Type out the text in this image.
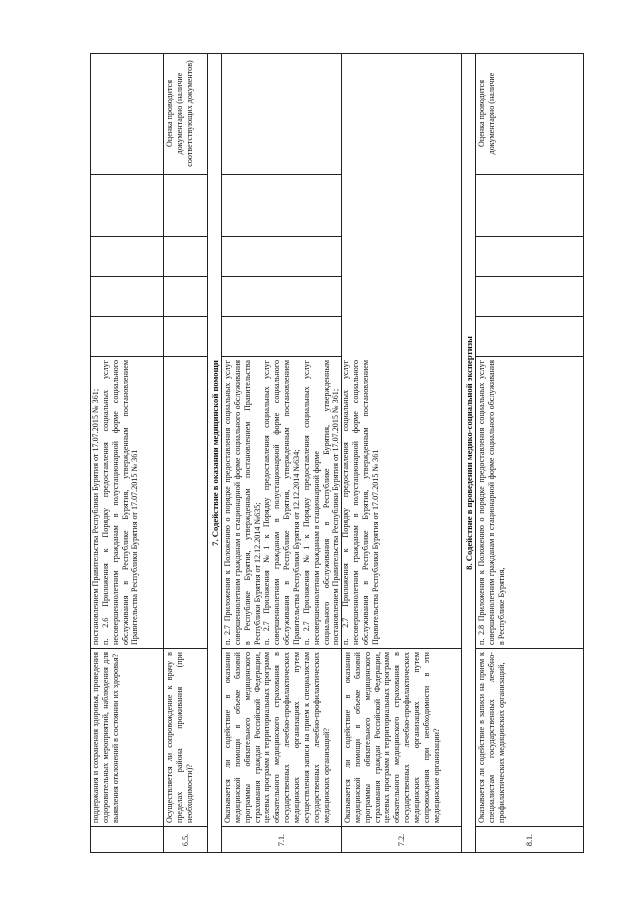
поддержания и сохранения здоровья, проведения оздоровительных мероприятий, наблюдения для выявления отклонений в состоянии их здоровья?
постановлением Правительства Республики Бурятия от 17.07.2015 № 361; п. 2.6 Приложения к Порядку предоставления социальных услуг несовершеннолетним гражданам в полустационарной форме социального обслуживания в Республике Бурятия, утвержденным постановлением Правительства Республики Бурятия от 17.07.2015 № 361
6.5.
Осуществляется ли сопровождение к врачу в пределах района проживания (при необходимости)?
Оценка проводится документарно (наличие соответствующих документов)
7. Содействие в оказании медицинской помощи
7.1.
Оказывается ли содействие в оказании медицинской помощи в объеме базовой программы обязательного медицинского страхования граждан Российской Федерации, целевых программ и территориальных программ обязательного медицинского страхования в государственных лечебно-профилактических медицинских организациях путем осуществления записи на прием к специалистам государственных лечебно-профилактических медицинских организаций?
7.2.
Оказывается ли содействие в оказании медицинской помощи в объеме базовой программы обязательного медицинского страхования граждан Российской Федерации, целевых программ и территориальных программ обязательного медицинского страхования в государственных лечебно-профилактических медицинских организациях путем сопровождения при необходимости в эти медицинские организации?
п. 2.7 Приложения к Положению о порядке предоставления социальных услуг совершеннолетним гражданам в стационарной форме социального обслуживания в Республике Бурятия, утвержденным постановлением Правительства Республики Бурятия от 12.12.2014 №635; п. 2.7 Приложения №1 к Порядку предоставления социальных услуг совершеннолетним гражданам в полустационарной форме социального обслуживания в Республике Бурятия, утвержденным постановлением Правительства Республики Бурятия от 12.12.2014 №634; п. 2.7 Приложения №1 к Порядку предоставления социальных услуг несовершеннолетним гражданам в стационарной форме социального обслуживания в Республике Бурятия, утвержденным постановлением Правительства Республики Бурятия от 17.07.2015 № 361; п. 2.7 Приложения к Порядку предоставления социальных услуг несовершеннолетним гражданам в полустационарной форме социального обслуживания в Республике Бурятия, утвержденным постановлением Правительства Республики Бурятия от 17.07.2015 № 361	8. Содействие в проведении медико-социальной экспертизы
8.1.
Оказывается ли содействие в записи на прием к специалистам государственных лечебно-профилактических медицинских организаций,
п. 2.8 Приложения к Положению о порядке предоставления социальных услуг совершеннолетним гражданам в стационарной форме социального обслуживания в Республике Бурятия,
Оценка проводится документарно (наличие
